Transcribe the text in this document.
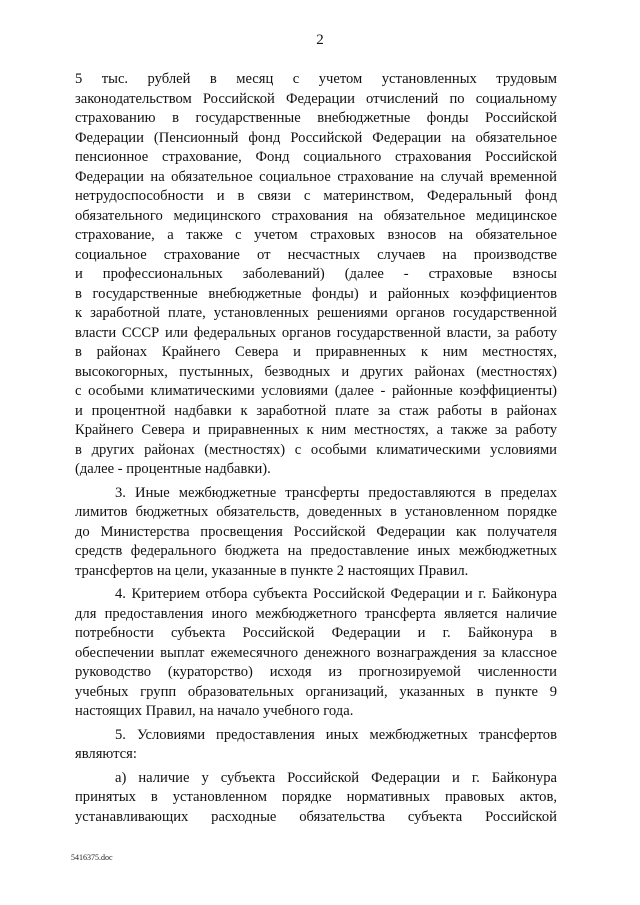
2
5 тыс. рублей в месяц с учетом установленных трудовым
законодательством Российской Федерации отчислений по социальному
страхованию в государственные внебюджетные фонды Российской
Федерации (Пенсионный фонд Российской Федерации на обязательное
пенсионное страхование, Фонд социального страхования Российской
Федерации на обязательное социальное страхование на случай временной
нетрудоспособности и в связи с материнством, Федеральный фонд
обязательного медицинского страхования на обязательное медицинское
страхование, а также с учетом страховых взносов на обязательное
социальное страхование от несчастных случаев на производстве
и профессиональных заболеваний) (далее - страховые взносы
в государственные внебюджетные фонды) и районных коэффициентов
к заработной плате, установленных решениями органов государственной
власти СССР или федеральных органов государственной власти, за работу
в районах Крайнего Севера и приравненных к ним местностях,
высокогорных, пустынных, безводных и других районах (местностях)
с особыми климатическими условиями (далее - районные коэффициенты)
и процентной надбавки к заработной плате за стаж работы в районах
Крайнего Севера и приравненных к ним местностях, а также за работу
в других районах (местностях) с особыми климатическими условиями
(далее - процентные надбавки).
3. Иные межбюджетные трансферты предоставляются в пределах
лимитов бюджетных обязательств, доведенных в установленном порядке
до Министерства просвещения Российской Федерации как получателя
средств федерального бюджета на предоставление иных межбюджетных
трансфертов на цели, указанные в пункте 2 настоящих Правил.
4. Критерием отбора субъекта Российской Федерации и г. Байконура
для предоставления иного межбюджетного трансферта является наличие
потребности субъекта Российской Федерации и г. Байконура в
обеспечении выплат ежемесячного денежного вознаграждения за классное
руководство (кураторство) исходя из прогнозируемой численности
учебных групп образовательных организаций, указанных в пункте 9
настоящих Правил, на начало учебного года.
5. Условиями предоставления иных межбюджетных трансфертов
являются:
а) наличие у субъекта Российской Федерации и г. Байконура
принятых в установленном порядке нормативных правовых актов,
устанавливающих расходные обязательства субъекта Российской
5416375.doc
